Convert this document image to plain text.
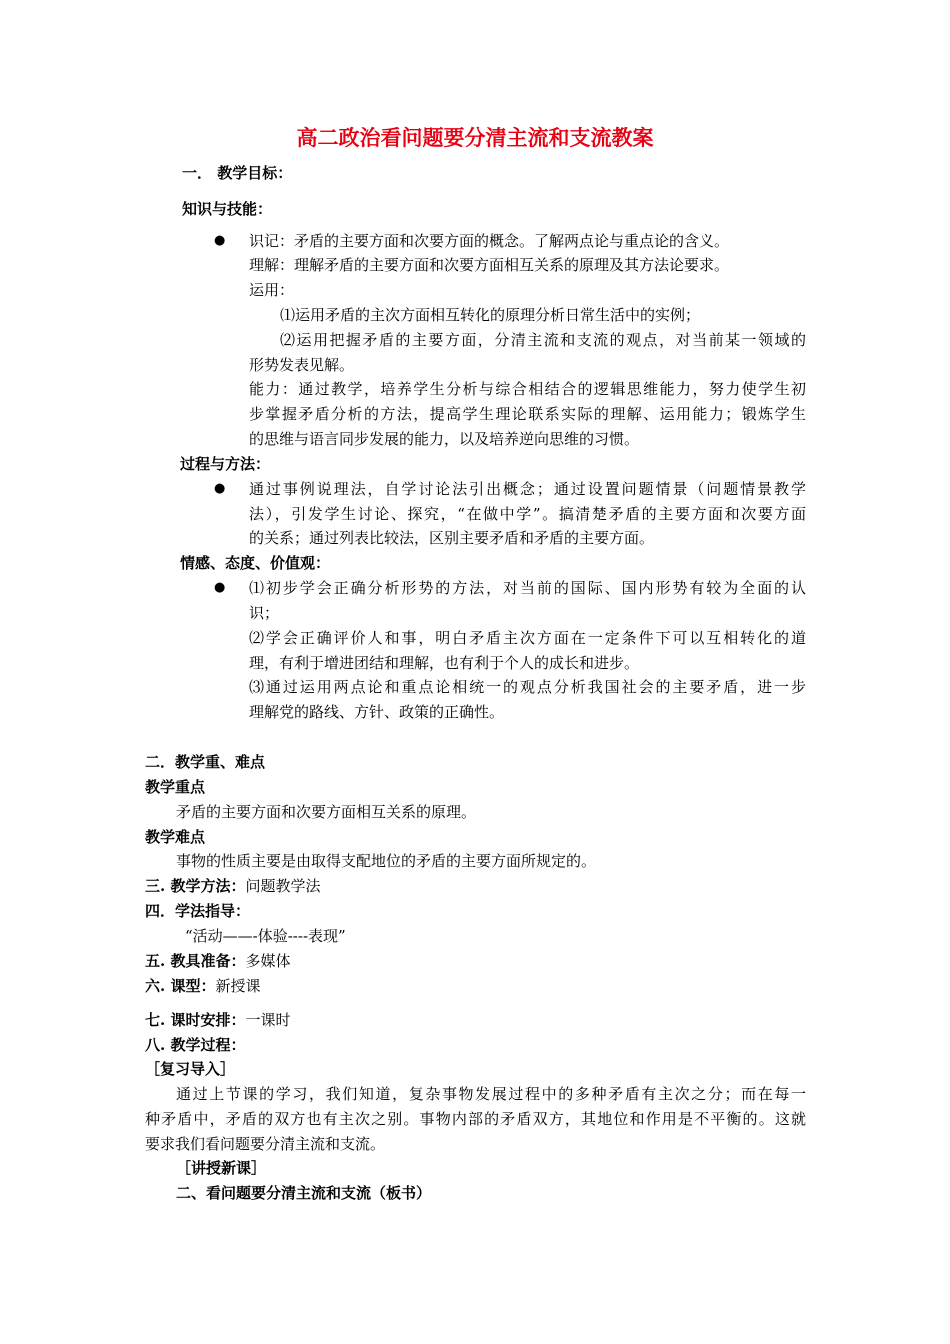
高二政治看问题要分清主流和支流教案

一． 教学目标：

知识与技能：

● 识记：矛盾的主要方面和次要方面的概念。了解两点论与重点论的含义。

理解：理解矛盾的主要方面和次要方面相互关系的原理及其方法论要求。

运用：

⑴运用矛盾的主次方面相互转化的原理分析日常生活中的实例；

⑵运用把握矛盾的主要方面，分清主流和支流的观点，对当前某一领域的

形势发表见解。

能力：通过教学，培养学生分析与综合相结合的逻辑思维能力，努力使学生初

步掌握矛盾分析的方法，提高学生理论联系实际的理解、运用能力；锻炼学生

的思维与语言同步发展的能力，以及培养逆向思维的习惯。

过程与方法：

● 通过事例说理法，自学讨论法引出概念；通过设置问题情景（问题情景教学

法），引发学生讨论、探究，“在做中学”。搞清楚矛盾的主要方面和次要方面

的关系；通过列表比较法，区别主要矛盾和矛盾的主要方面。

情感、态度、价值观：

● ⑴初步学会正确分析形势的方法，对当前的国际、国内形势有较为全面的认

识；

⑵学会正确评价人和事，明白矛盾主次方面在一定条件下可以互相转化的道

理，有利于增进团结和理解，也有利于个人的成长和进步。

⑶通过运用两点论和重点论相统一的观点分析我国社会的主要矛盾，进一步

理解党的路线、方针、政策的正确性。

二．教学重、难点

教学重点

矛盾的主要方面和次要方面相互关系的原理。

教学难点

事物的性质主要是由取得支配地位的矛盾的主要方面所规定的。

三. 教学方法：问题教学法

四．学法指导：

“活动——-体验----表现”

五. 教具准备：多媒体

六. 课型：新授课

七. 课时安排：一课时

八. 教学过程：

［复习导入］

通过上节课的学习，我们知道，复杂事物发展过程中的多种矛盾有主次之分；而在每一

种矛盾中，矛盾的双方也有主次之别。事物内部的矛盾双方，其地位和作用是不平衡的。这就

要求我们看问题要分清主流和支流。

［讲授新课］

二、看问题要分清主流和支流（板书）
